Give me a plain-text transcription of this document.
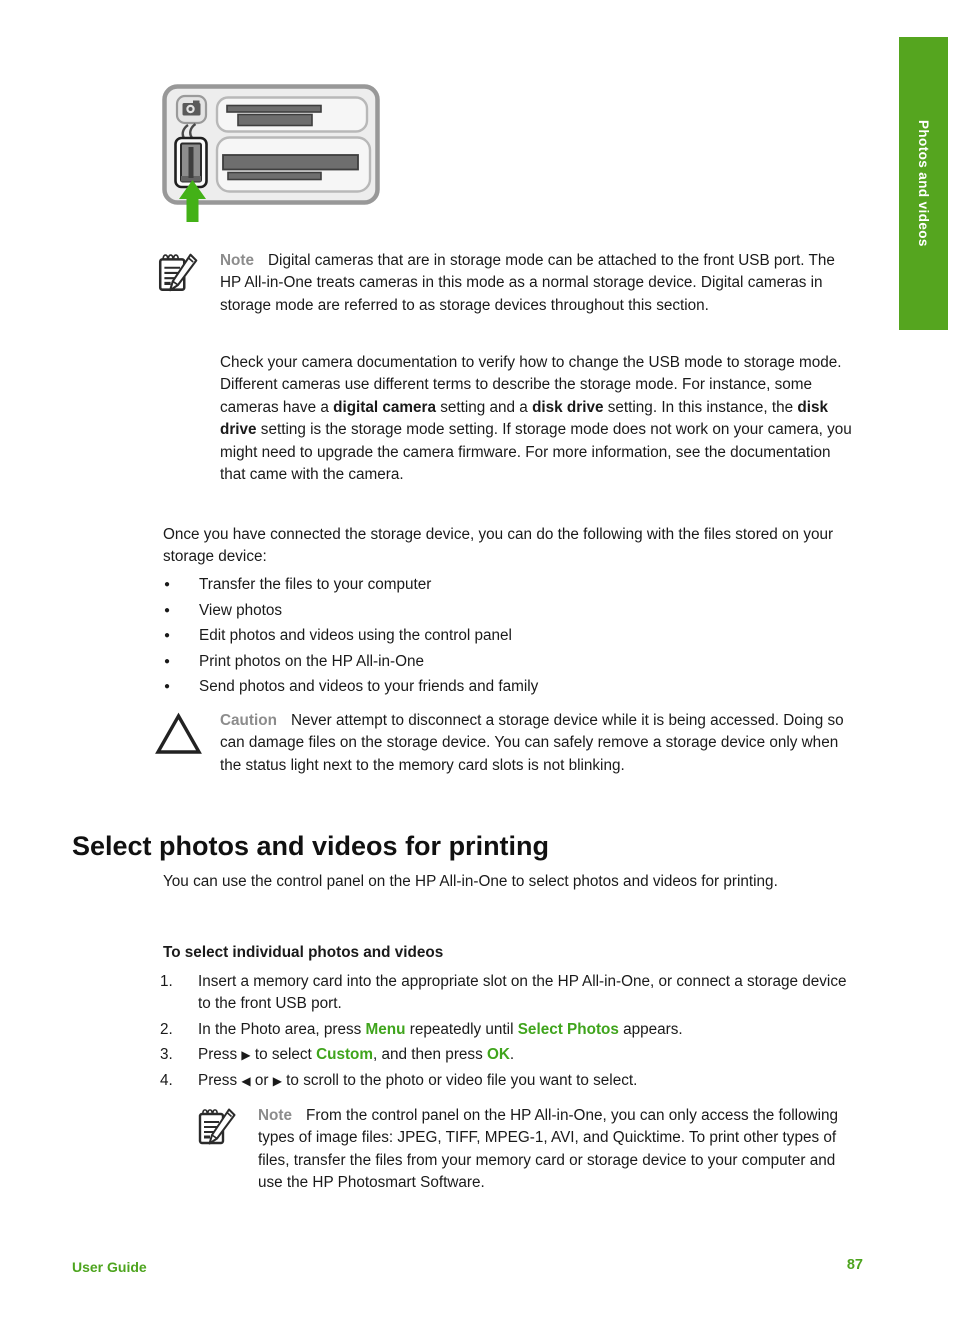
Photos and videos

Note Digital cameras that are in storage mode can be attached to the front USB port. The HP All-in-One treats cameras in this mode as a normal storage device. Digital cameras in storage mode are referred to as storage devices throughout this section.

Check your camera documentation to verify how to change the USB mode to storage mode. Different cameras use different terms to describe the storage mode. For instance, some cameras have a digital camera setting and a disk drive setting. In this instance, the disk drive setting is the storage mode setting. If storage mode does not work on your camera, you might need to upgrade the camera firmware. For more information, see the documentation that came with the camera.

Once you have connected the storage device, you can do the following with the files stored on your storage device:

● Transfer the files to your computer
● View photos
● Edit photos and videos using the control panel
● Print photos on the HP All-in-One
● Send photos and videos to your friends and family

Caution Never attempt to disconnect a storage device while it is being accessed. Doing so can damage files on the storage device. You can safely remove a storage device only when the status light next to the memory card slots is not blinking.

Select photos and videos for printing

You can use the control panel on the HP All-in-One to select photos and videos for printing.

To select individual photos and videos
1.	Insert a memory card into the appropriate slot on the HP All-in-One, or connect a storage device to the front USB port.
2.	In the Photo area, press Menu repeatedly until Select Photos appears.
3.	Press ▶ to select Custom, and then press OK.
4.	Press ◀ or ▶ to scroll to the photo or video file you want to select.

Note From the control panel on the HP All-in-One, you can only access the following types of image files: JPEG, TIFF, MPEG-1, AVI, and Quicktime. To print other types of files, transfer the files from your memory card or storage device to your computer and use the HP Photosmart Software.

User Guide	87
